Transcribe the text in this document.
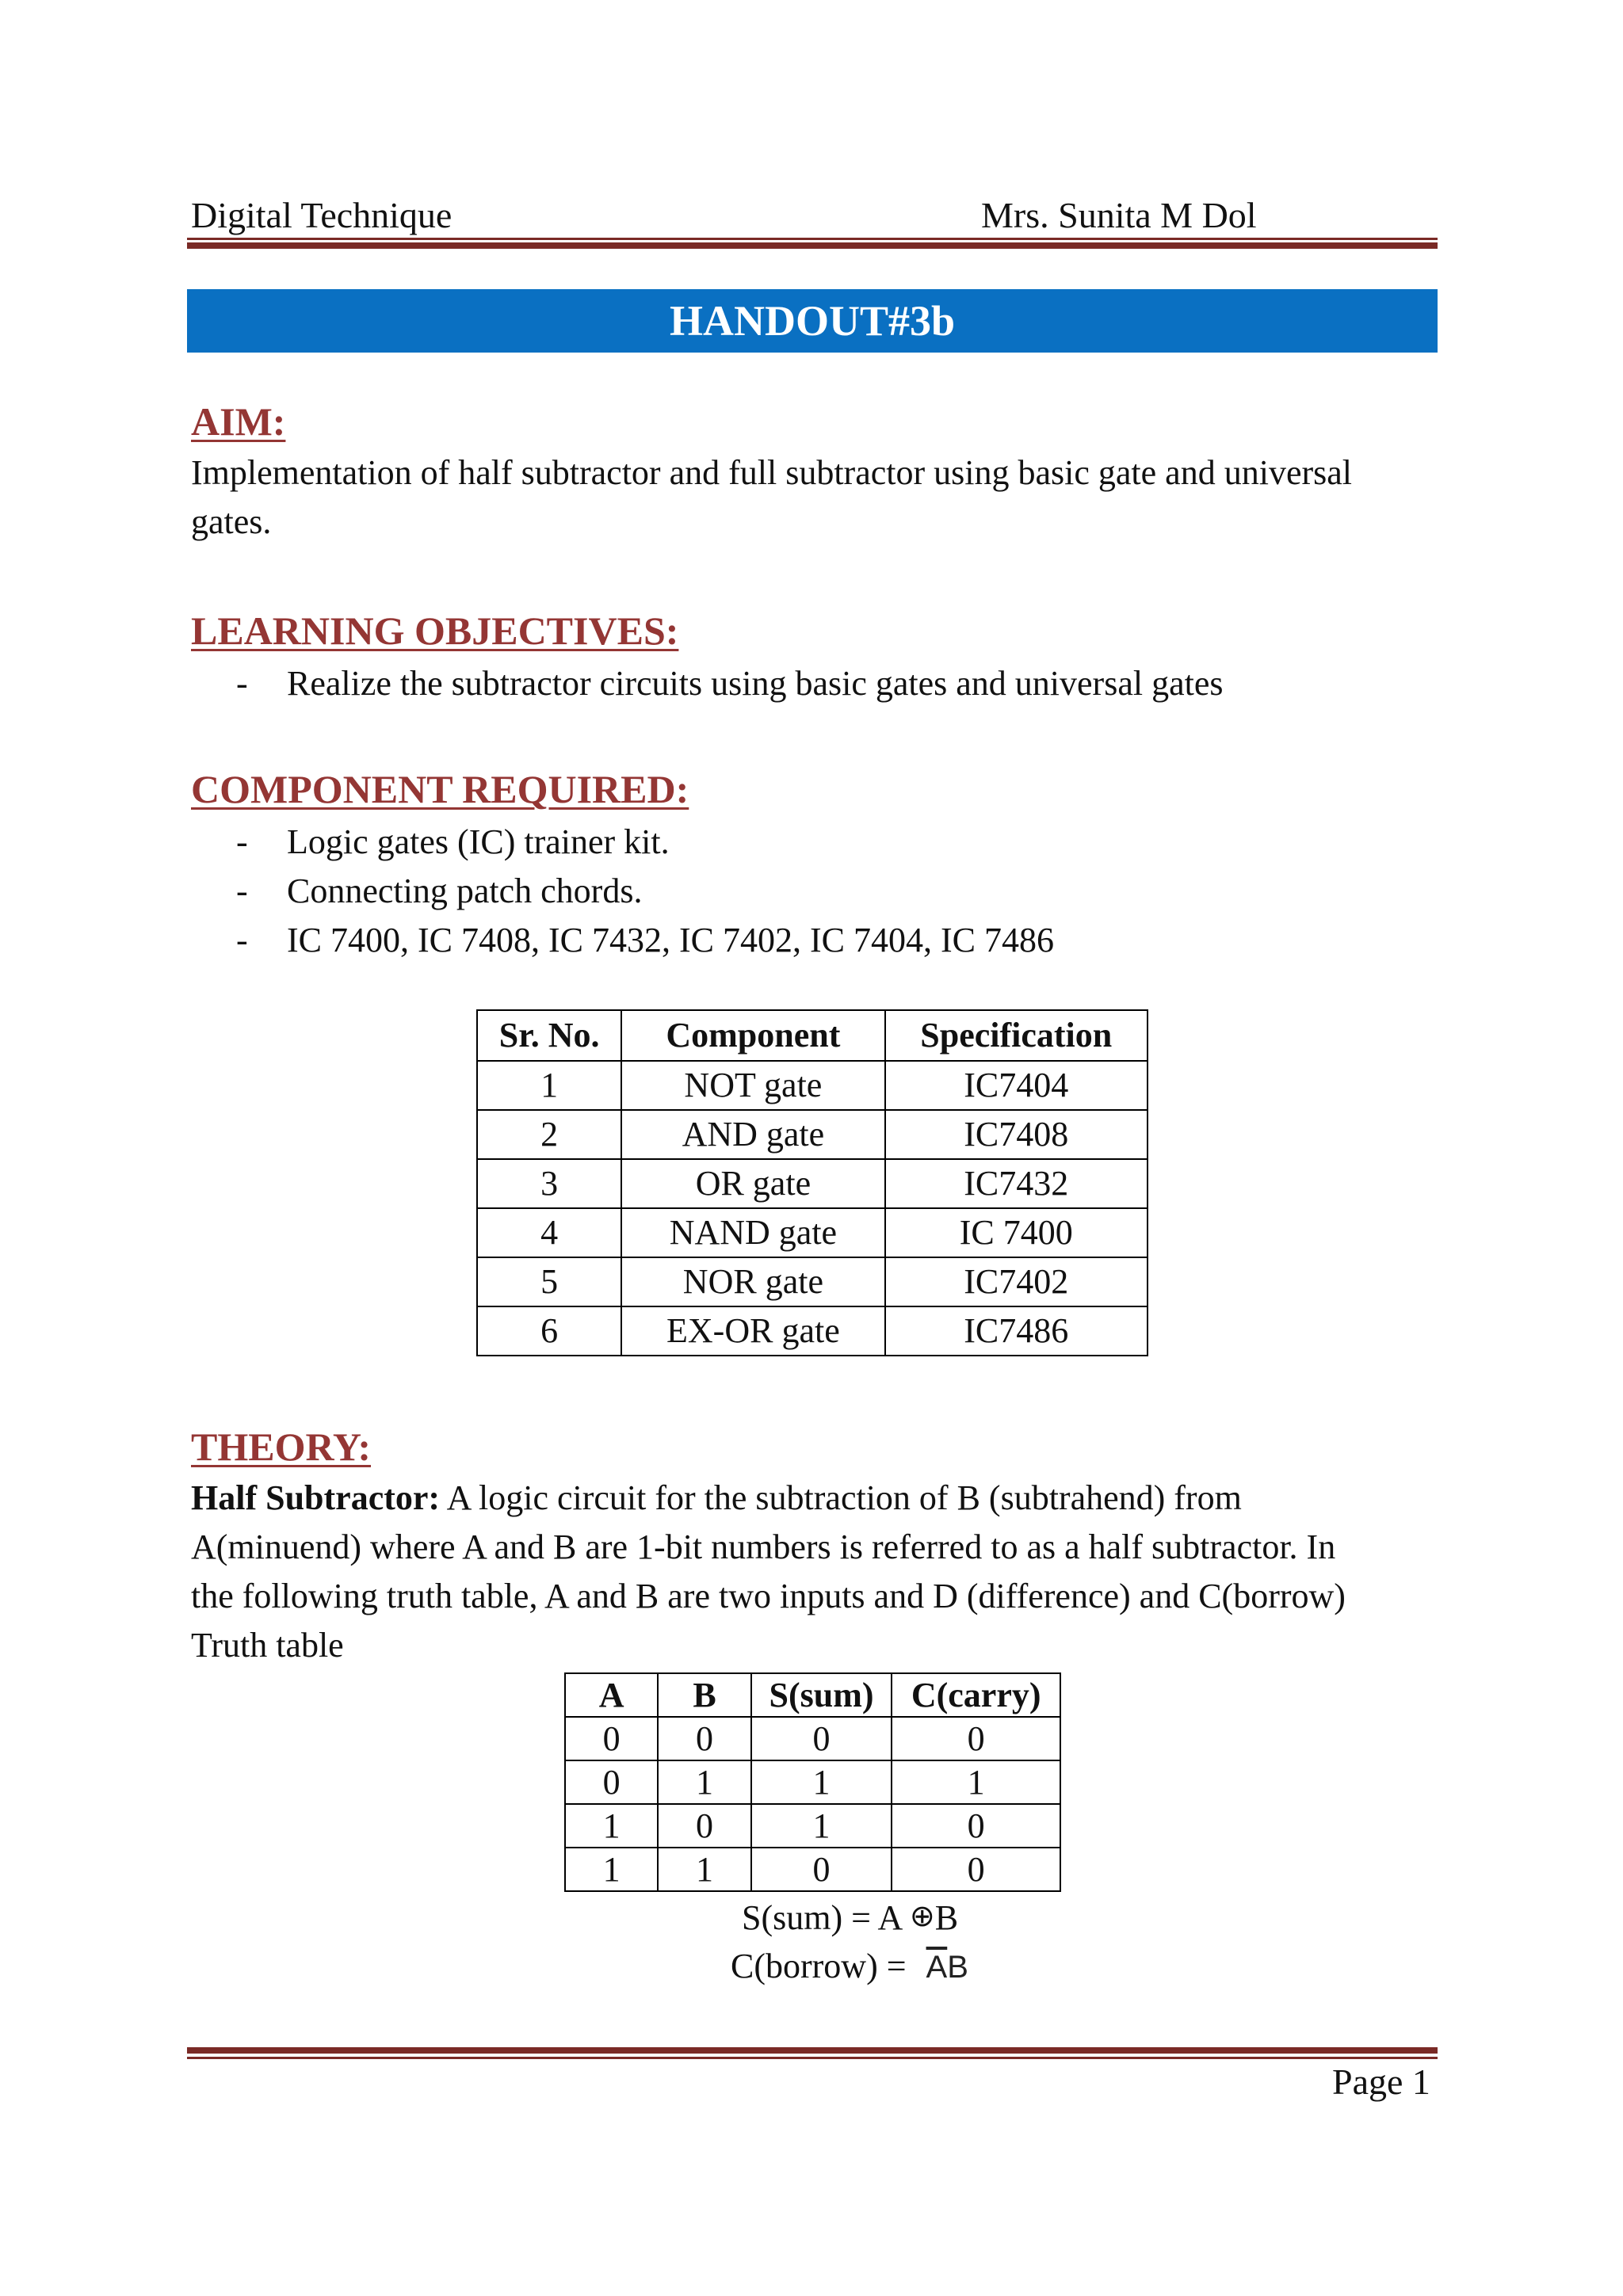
Digital Technique	Mrs. Sunita M Dol
HANDOUT#3b
AIM:
Implementation of half subtractor and full subtractor using basic gate and universal
gates.
LEARNING OBJECTIVES:
- Realize the subtractor circuits using basic gates and universal gates
COMPONENT REQUIRED:
- Logic gates (IC) trainer kit.
- Connecting patch chords.
- IC 7400, IC 7408, IC 7432, IC 7402, IC 7404, IC 7486
Sr. No.	Component	Specification
1	NOT gate	IC7404
2	AND gate	IC7408
3	OR gate	IC7432
4	NAND gate	IC 7400
5	NOR gate	IC7402
6	EX-OR gate	IC7486
THEORY:
Half Subtractor: A logic circuit for the subtraction of B (subtrahend) from
A(minuend) where A and B are 1-bit numbers is referred to as a half subtractor. In
the following truth table, A and B are two inputs and D (difference) and C(borrow)
Truth table
A	B	S(sum)	C(carry)
0	0	0	0
0	1	1	1
1	0	1	0
1	1	0	0
S(sum) = A ⊕B
C(borrow) = $\overline{A}B$
Page 1
